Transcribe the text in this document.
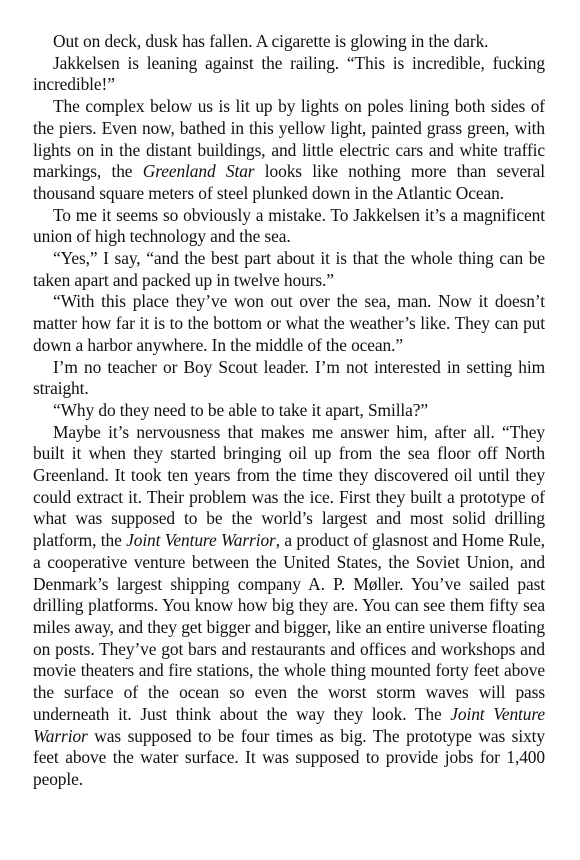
Out on deck, dusk has fallen. A cigarette is glowing in the dark.

Jakkelsen is leaning against the railing. “This is incredible, fucking incredible!”

The complex below us is lit up by lights on poles lining both sides of the piers. Even now, bathed in this yellow light, painted grass green, with lights on in the distant buildings, and little electric cars and white traffic markings, the Greenland Star looks like nothing more than several thousand square meters of steel plunked down in the Atlantic Ocean.

To me it seems so obviously a mistake. To Jakkelsen it’s a magnificent union of high technology and the sea.

“Yes,” I say, “and the best part about it is that the whole thing can be taken apart and packed up in twelve hours.”

“With this place they’ve won out over the sea, man. Now it doesn’t matter how far it is to the bottom or what the weather’s like. They can put down a harbor anywhere. In the middle of the ocean.”

I’m no teacher or Boy Scout leader. I’m not interested in setting him straight.

“Why do they need to be able to take it apart, Smilla?”

Maybe it’s nervousness that makes me answer him, after all. “They built it when they started bringing oil up from the sea floor off North Greenland. It took ten years from the time they discovered oil until they could extract it. Their problem was the ice. First they built a prototype of what was supposed to be the world’s largest and most solid drilling platform, the Joint Venture Warrior, a product of glasnost and Home Rule, a cooperative venture between the United States, the Soviet Union, and Denmark’s largest shipping company A. P. Møller. You’ve sailed past drilling platforms. You know how big they are. You can see them fifty sea miles away, and they get bigger and bigger, like an entire universe floating on posts. They’ve got bars and restaurants and offices and workshops and movie theaters and fire stations, the whole thing mounted forty feet above the surface of the ocean so even the worst storm waves will pass underneath it. Just think about the way they look. The Joint Venture Warrior was supposed to be four times as big. The prototype was sixty feet above the water surface. It was supposed to provide jobs for 1,400 people.
